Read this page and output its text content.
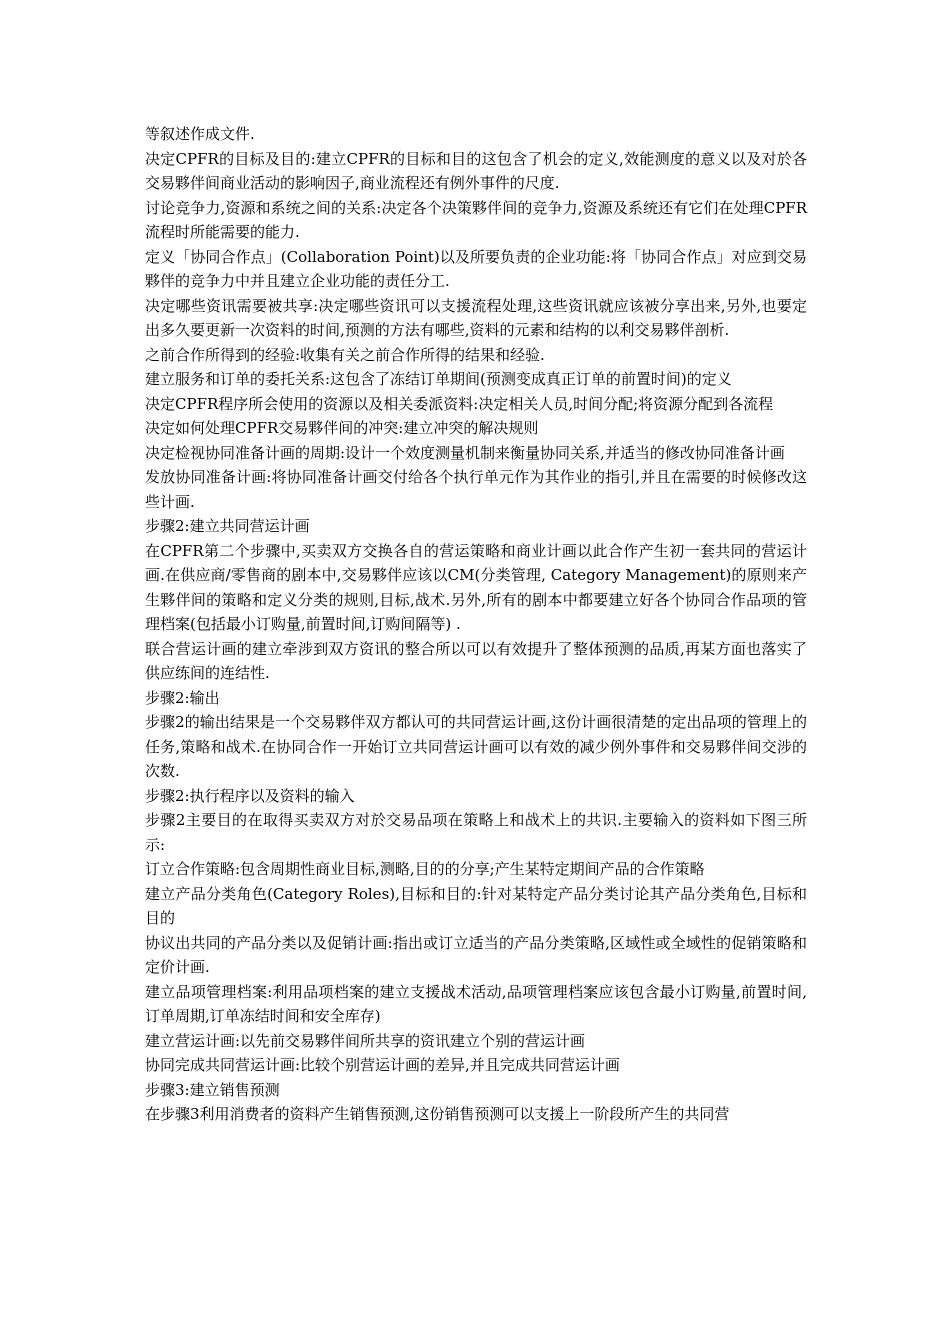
等叙述作成文件.

决定CPFR的目标及目的:建立CPFR的目标和目的这包含了机会的定义,效能测度的意义以及对於各交易夥伴间商业活动的影响因子,商业流程还有例外事件的尺度.

讨论竞争力,资源和系统之间的关系:决定各个决策夥伴间的竞争力,资源及系统还有它们在处理CPFR流程时所能需要的能力.

定义「协同合作点」(Collaboration Point)以及所要负责的企业功能:将「协同合作点」对应到交易夥伴的竞争力中并且建立企业功能的责任分工.

决定哪些资讯需要被共享:决定哪些资讯可以支援流程处理,这些资讯就应该被分享出来,另外,也要定出多久要更新一次资料的时间,预测的方法有哪些,资料的元素和结构的以利交易夥伴剖析.

之前合作所得到的经验:收集有关之前合作所得的结果和经验.

建立服务和订单的委托关系:这包含了冻结订单期间(预测变成真正订单的前置时间)的定义

决定CPFR程序所会使用的资源以及相关委派资料:决定相关人员,时间分配;将资源分配到各流程

决定如何处理CPFR交易夥伴间的冲突:建立冲突的解决规则

决定检视协同准备计画的周期:设计一个效度测量机制来衡量协同关系,并适当的修改协同准备计画

发放协同准备计画:将协同准备计画交付给各个执行单元作为其作业的指引,并且在需要的时候修改这些计画.

步骤2:建立共同营运计画

在CPFR第二个步骤中,买卖双方交换各自的营运策略和商业计画以此合作产生初一套共同的营运计画.在供应商/零售商的剧本中,交易夥伴应该以CM(分类管理, Category Management)的原则来产生夥伴间的策略和定义分类的规则,目标,战术.另外,所有的剧本中都要建立好各个协同合作品项的管理档案(包括最小订购量,前置时间,订购间隔等) .

联合营运计画的建立牵涉到双方资讯的整合所以可以有效提升了整体预测的品质,再某方面也落实了供应练间的连结性.

步骤2:输出

步骤2的输出结果是一个交易夥伴双方都认可的共同营运计画,这份计画很清楚的定出品项的管理上的任务,策略和战术.在协同合作一开始订立共同营运计画可以有效的减少例外事件和交易夥伴间交涉的次数.

步骤2:执行程序以及资料的输入

步骤2主要目的在取得买卖双方对於交易品项在策略上和战术上的共识.主要输入的资料如下图三所示:

订立合作策略:包含周期性商业目标,测略,目的的分享;产生某特定期间产品的合作策略

建立产品分类角色(Category Roles),目标和目的:针对某特定产品分类讨论其产品分类角色,目标和目的

协议出共同的产品分类以及促销计画:指出或订立适当的产品分类策略,区域性或全域性的促销策略和定价计画.

建立品项管理档案:利用品项档案的建立支援战术活动,品项管理档案应该包含最小订购量,前置时间,订单周期,订单冻结时间和安全库存)

建立营运计画:以先前交易夥伴间所共享的资讯建立个别的营运计画

协同完成共同营运计画:比较个别营运计画的差异,并且完成共同营运计画

步骤3:建立销售预测

在步骤3利用消费者的资料产生销售预测,这份销售预测可以支援上一阶段所产生的共同营
